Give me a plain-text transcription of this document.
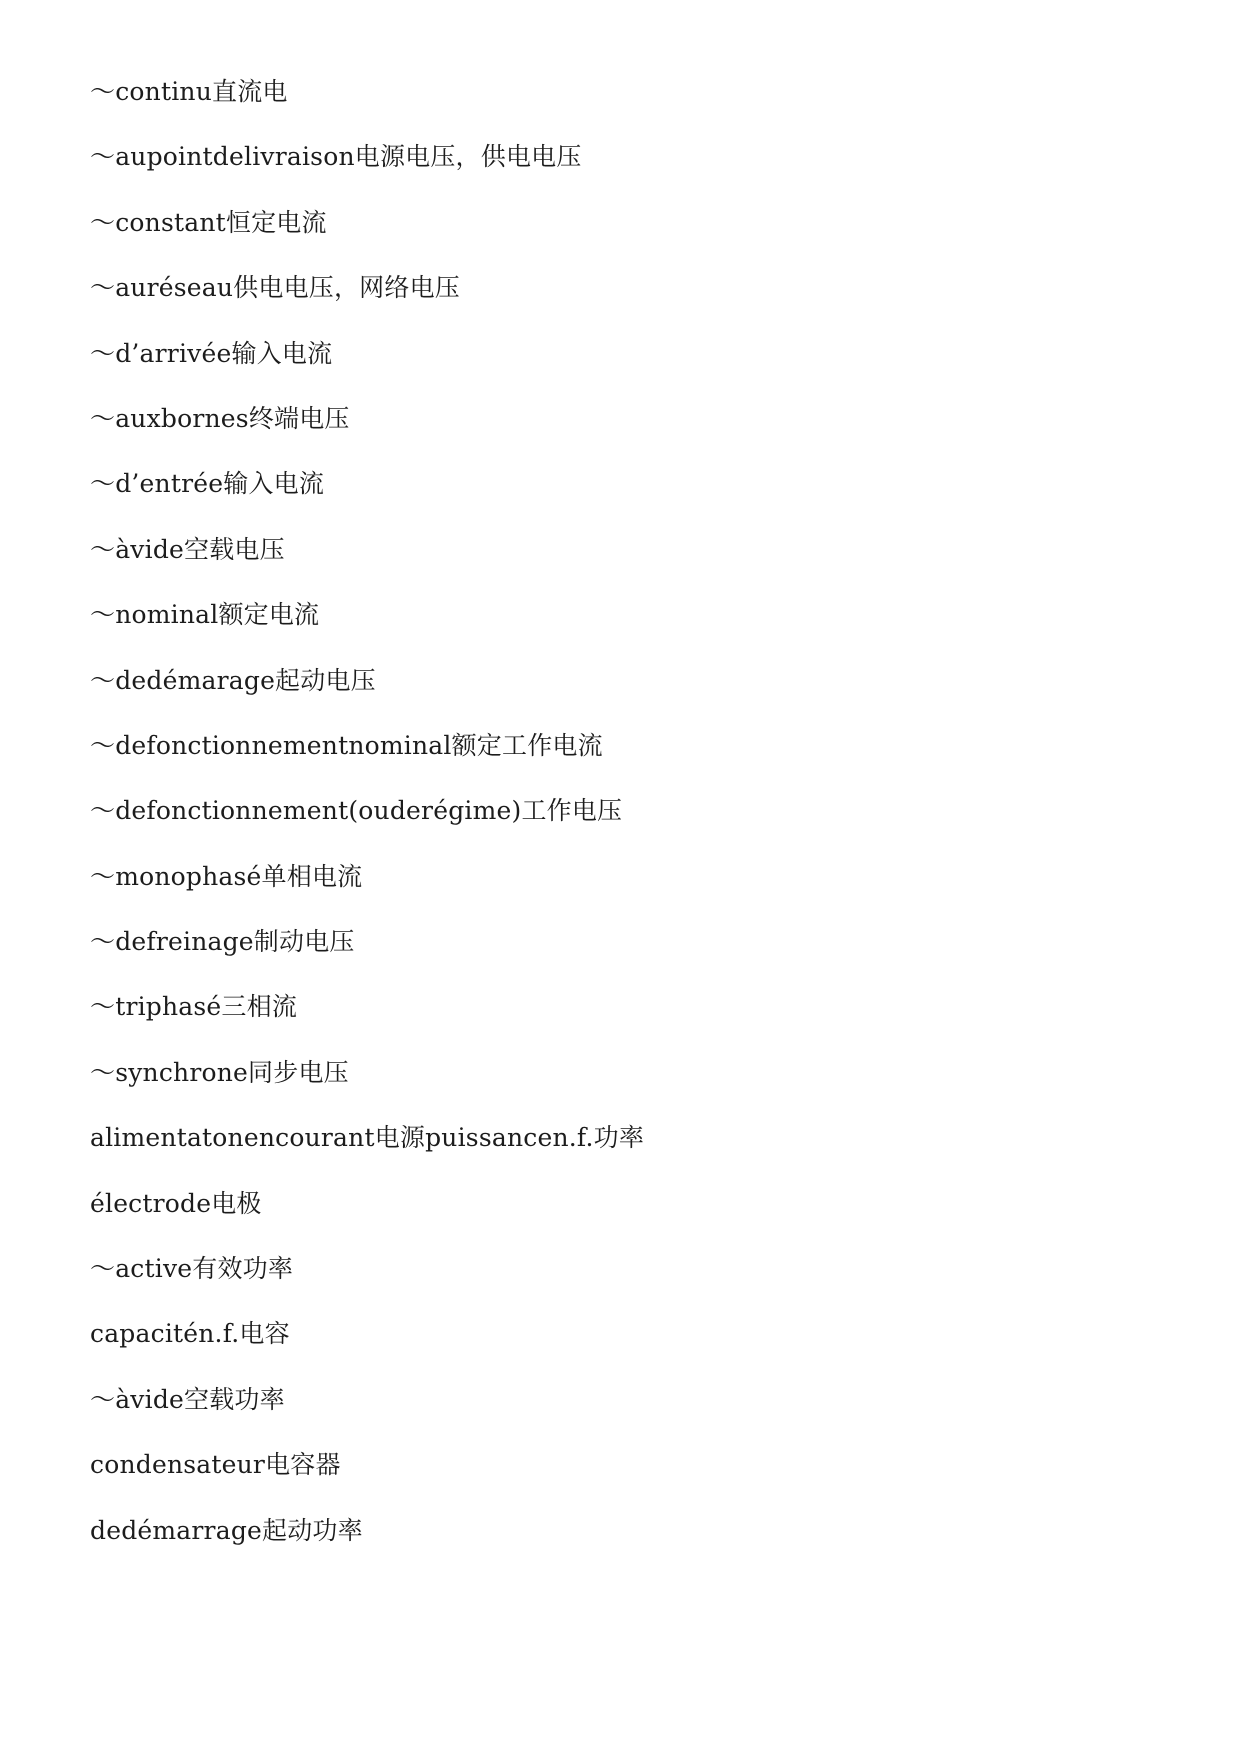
～continu直流电
～aupointdelivraison电源电压，供电电压
～constant恒定电流
～auréseau供电电压，网络电压
～d’arrivée输入电流
～auxbornes终端电压
～d’entrée输入电流
～àvide空载电压
～nominal额定电流
～dedémarage起动电压
～defonctionnementnominal额定工作电流
～defonctionnement(ouderégime)工作电压
～monophasé单相电流
～defreinage制动电压
～triphasé三相流
～synchrone同步电压
alimentatonencourant电源puissancen.f.功率
électrode电极
～active有效功率
capacitén.f.电容
～àvide空载功率
condensateur电容器
dedémarrage起动功率
